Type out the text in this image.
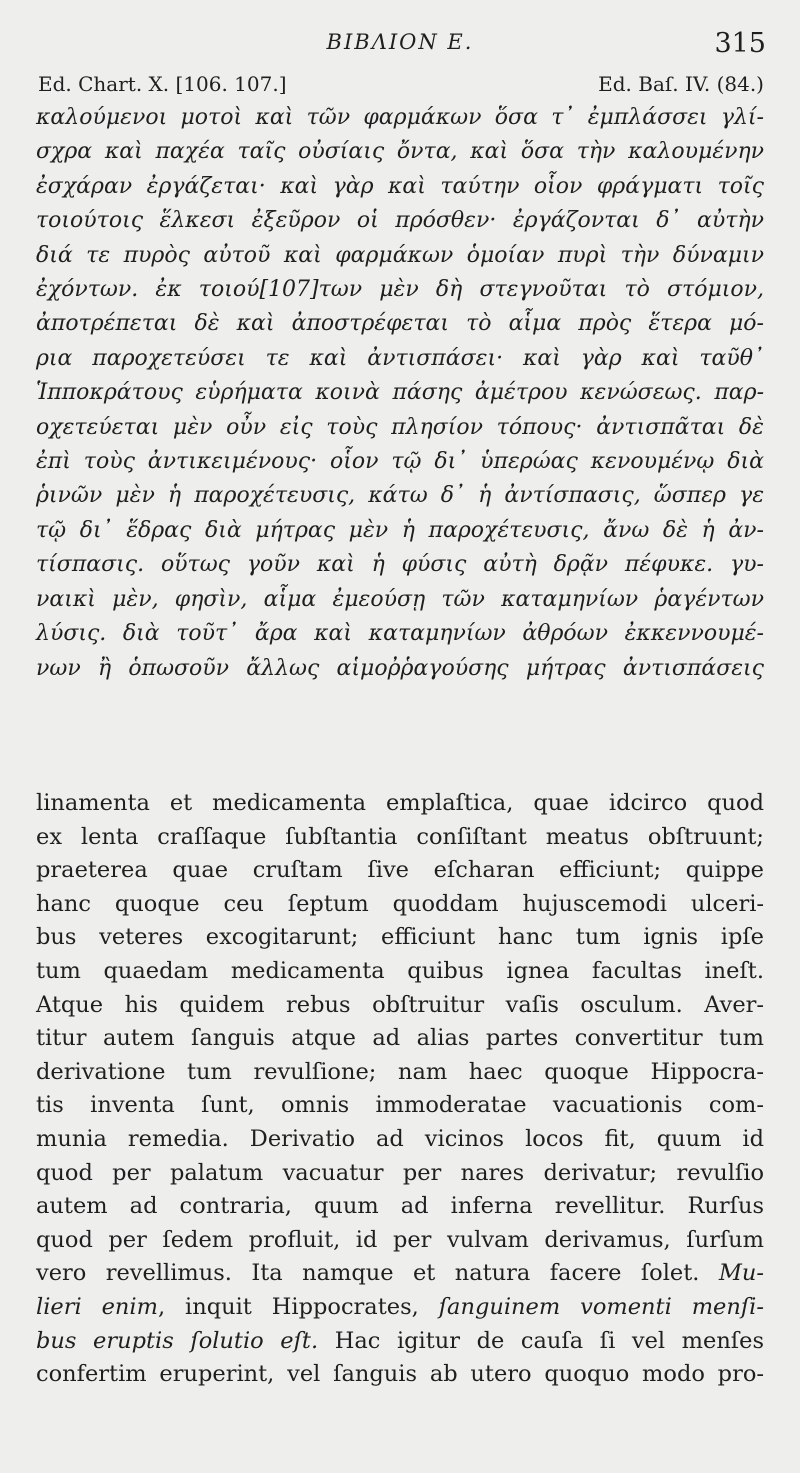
ΒΙΒΛΙΟΝ Ε.	315
Ed. Chart. X. [106. 107.]	Ed. Baſ. IV. (84.)
καλούμενοι μοτοὶ καὶ τῶν φαρμάκων ὅσα τ᾿ ἐμπλάσσει γλί-
σχρα καὶ παχέα ταῖς οὐσίαις ὄντα, καὶ ὅσα τὴν καλουμένην
ἐσχάραν ἐργάζεται· καὶ γὰρ καὶ ταύτην οἷον φράγματι τοῖς
τοιούτοις ἕλκεσι ἐξεῦρον οἱ πρόσθεν· ἐργάζονται δ᾿ αὐτὴν
διά τε πυρὸς αὐτοῦ καὶ φαρμάκων ὁμοίαν πυρὶ τὴν δύναμιν
ἐχόντων. ἐκ τοιού[107]των μὲν δὴ στεγνοῦται τὸ στόμιον,
ἀποτρέπεται δὲ καὶ ἀποστρέφεται τὸ αἷμα πρὸς ἕτερα μό-
ρια παροχετεύσει τε καὶ ἀντισπάσει· καὶ γὰρ καὶ ταῦθ᾿
Ἱπποκράτους εὑρήματα κοινὰ πάσης ἀμέτρου κενώσεως. παρ-
οχετεύεται μὲν οὖν εἰς τοὺς πλησίον τόπους· ἀντισπᾶται δὲ
ἐπὶ τοὺς ἀντικειμένους· οἷον τῷ δι᾿ ὑπερώας κενουμένῳ διὰ
ῥινῶν μὲν ἡ παροχέτευσις, κάτω δ᾿ ἡ ἀντίσπασις, ὥσπερ γε
τῷ δι᾿ ἕδρας διὰ μήτρας μὲν ἡ παροχέτευσις, ἄνω δὲ ἡ ἀν-
τίσπασις. οὕτως γοῦν καὶ ἡ φύσις αὐτὴ δρᾷν πέφυκε. γυ-
ναικὶ μὲν, φησὶν, αἷμα ἐμεούσῃ τῶν καταμηνίων ῥαγέντων
λύσις. διὰ τοῦτ᾿ ἄρα καὶ καταμηνίων ἀθρόων ἐκκεννουμέ-
νων ἢ ὁπωσοῦν ἄλλως αἱμοῤῥαγούσης μήτρας ἀντισπάσεις
linamenta et medicamenta emplaſtica, quae idcirco quod
ex lenta craſſaque ſubſtantia conſiſtant meatus obſtruunt;
praeterea quae cruſtam ſive eſcharan efficiunt; quippe
hanc quoque ceu ſeptum quoddam hujuscemodi ulceri-
bus veteres excogitarunt; efficiunt hanc tum ignis ipſe
tum quaedam medicamenta quibus ignea facultas ineſt.
Atque his quidem rebus obſtruitur vaſis osculum. Aver-
titur autem ſanguis atque ad alias partes convertitur tum
derivatione tum revulſione; nam haec quoque Hippocra-
tis inventa ſunt, omnis immoderatae vacuationis com-
munia remedia. Derivatio ad vicinos locos fit, quum id
quod per palatum vacuatur per nares derivatur; revulſio
autem ad contraria, quum ad inferna revellitur. Rurſus
quod per ſedem profluit, id per vulvam derivamus, ſurſum
vero revellimus. Ita namque et natura facere ſolet. Mu-
lieri enim, inquit Hippocrates, ſanguinem vomenti menſi-
bus eruptis ſolutio eſt. Hac igitur de cauſa ſi vel menſes
confertim eruperint, vel ſanguis ab utero quoquo modo pro-
